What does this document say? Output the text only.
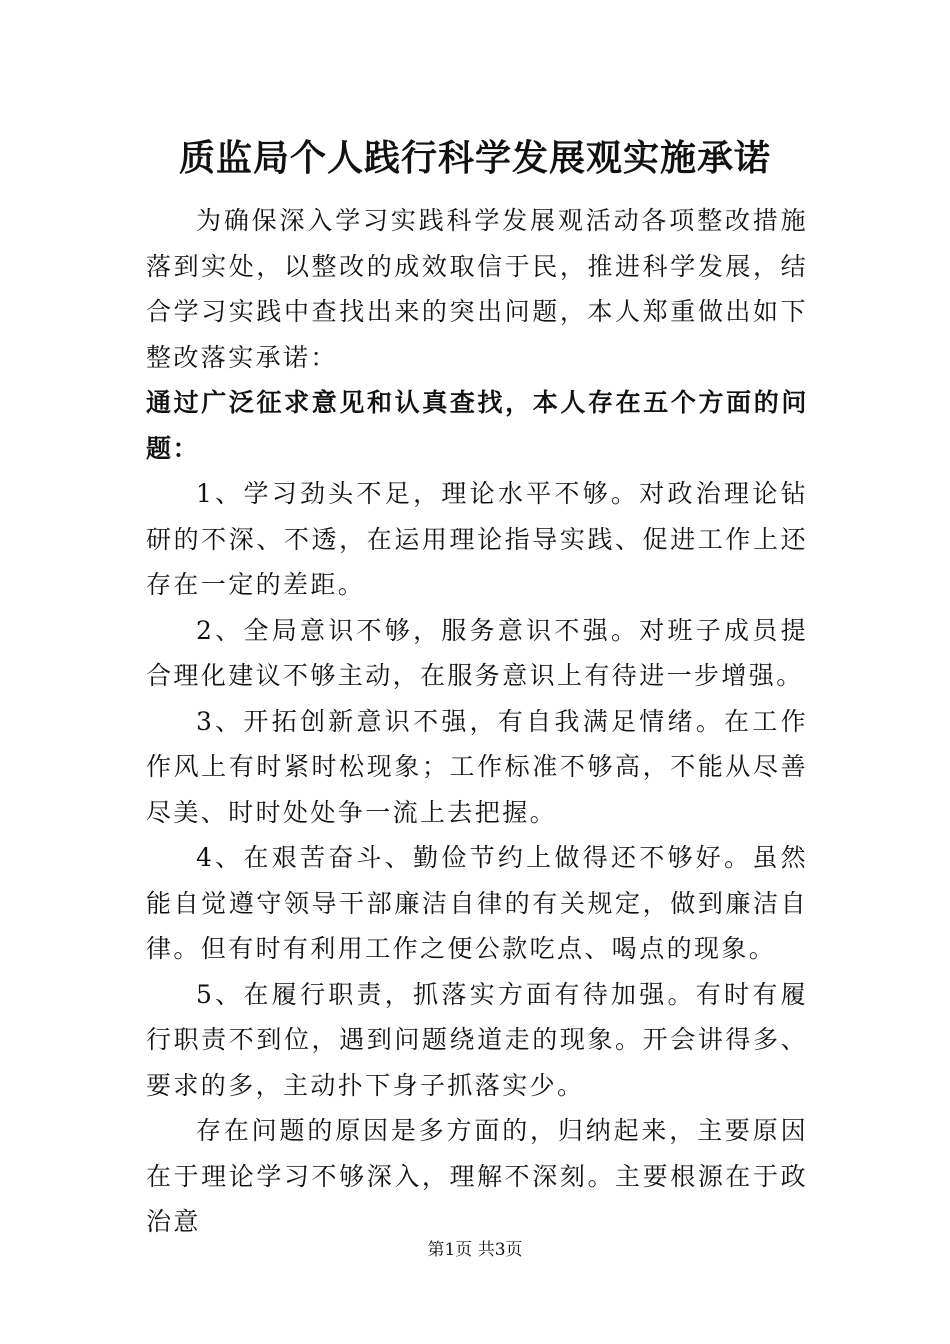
质监局个人践行科学发展观实施承诺

为确保深入学习实践科学发展观活动各项整改措施落到实处，以整改的成效取信于民，推进科学发展，结合学习实践中查找出来的突出问题，本人郑重做出如下整改落实承诺：

通过广泛征求意见和认真查找，本人存在五个方面的问题：

1、学习劲头不足，理论水平不够。对政治理论钻研的不深、不透，在运用理论指导实践、促进工作上还存在一定的差距。

2、全局意识不够，服务意识不强。对班子成员提合理化建议不够主动，在服务意识上有待进一步增强。

3、开拓创新意识不强，有自我满足情绪。在工作作风上有时紧时松现象；工作标准不够高，不能从尽善尽美、时时处处争一流上去把握。

4、在艰苦奋斗、勤俭节约上做得还不够好。虽然能自觉遵守领导干部廉洁自律的有关规定，做到廉洁自律。但有时有利用工作之便公款吃点、喝点的现象。

5、在履行职责，抓落实方面有待加强。有时有履行职责不到位，遇到问题绕道走的现象。开会讲得多、要求的多，主动扑下身子抓落实少。

存在问题的原因是多方面的，归纳起来，主要原因在于理论学习不够深入，理解不深刻。主要根源在于政治意

第1页 共3页
